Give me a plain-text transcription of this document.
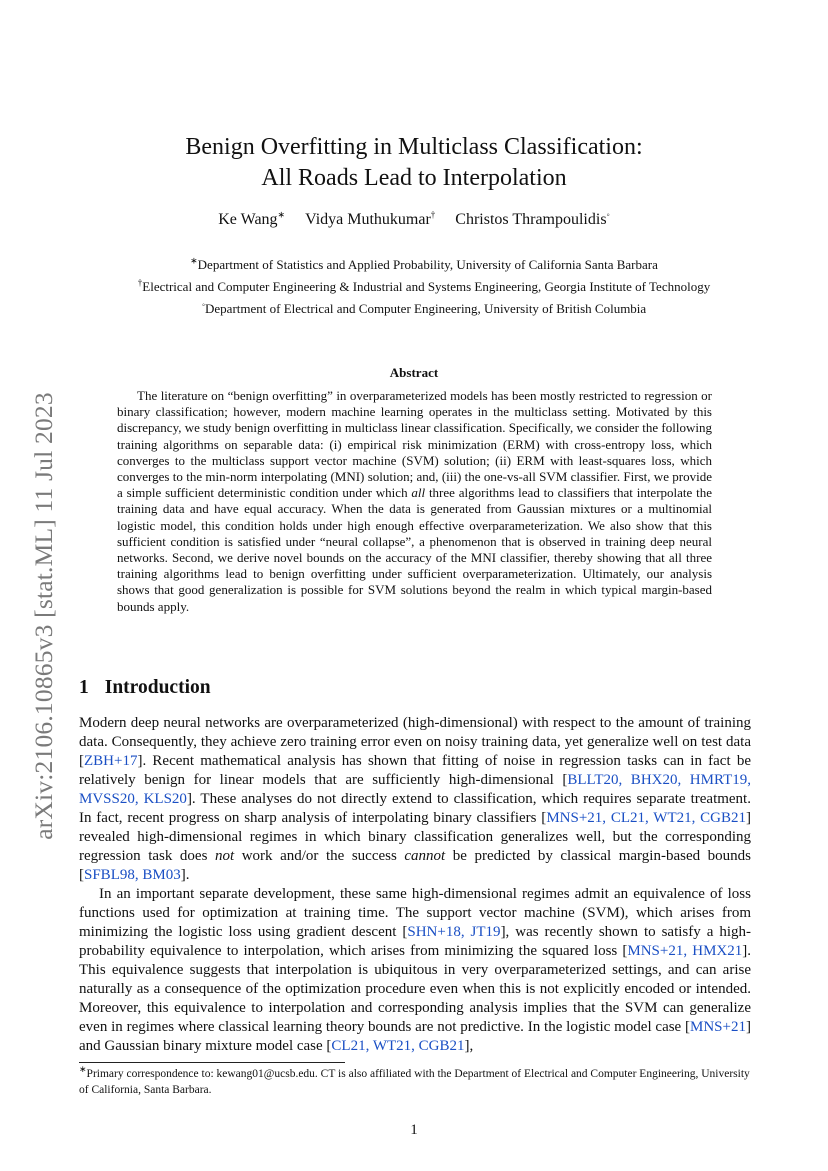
arXiv:2106.10865v3 [stat.ML] 11 Jul 2023
Benign Overfitting in Multiclass Classification:
All Roads Lead to Interpolation
Ke Wang∗ Vidya Muthukumar† Christos Thrampoulidis◦
∗Department of Statistics and Applied Probability, University of California Santa Barbara
†Electrical and Computer Engineering & Industrial and Systems Engineering, Georgia Institute of Technology
◦Department of Electrical and Computer Engineering, University of British Columbia
Abstract
The literature on “benign overfitting” in overparameterized models has been mostly restricted to regression or binary classification; however, modern machine learning operates in the multiclass setting. Motivated by this discrepancy, we study benign overfitting in multiclass linear classification. Specifically, we consider the following training algorithms on separable data: (i) empirical risk minimization (ERM) with cross-entropy loss, which converges to the multiclass support vector machine (SVM) solution; (ii) ERM with least-squares loss, which converges to the min-norm interpolating (MNI) solution; and, (iii) the one-vs-all SVM classifier. First, we provide a simple sufficient deterministic condition under which all three algorithms lead to classifiers that interpolate the training data and have equal accuracy. When the data is generated from Gaussian mixtures or a multinomial logistic model, this condition holds under high enough effective overparameterization. We also show that this sufficient condition is satisfied under “neural collapse”, a phenomenon that is observed in training deep neural networks. Second, we derive novel bounds on the accuracy of the MNI classifier, thereby showing that all three training algorithms lead to benign overfitting under sufficient overparameterization. Ultimately, our analysis shows that good generalization is possible for SVM solutions beyond the realm in which typical margin-based bounds apply.
1 Introduction
Modern deep neural networks are overparameterized (high-dimensional) with respect to the amount of training data. Consequently, they achieve zero training error even on noisy training data, yet generalize well on test data [ZBH+17]. Recent mathematical analysis has shown that fitting of noise in regression tasks can in fact be relatively benign for linear models that are sufficiently high-dimensional [BLLT20, BHX20, HMRT19, MVSS20, KLS20]. These analyses do not directly extend to classification, which requires separate treatment. In fact, recent progress on sharp analysis of interpolating binary classifiers [MNS+21, CL21, WT21, CGB21] revealed high-dimensional regimes in which binary classification generalizes well, but the corresponding regression task does not work and/or the success cannot be predicted by classical margin-based bounds [SFBL98, BM03].
In an important separate development, these same high-dimensional regimes admit an equivalence of loss functions used for optimization at training time. The support vector machine (SVM), which arises from minimizing the logistic loss using gradient descent [SHN+18, JT19], was recently shown to satisfy a high-probability equivalence to interpolation, which arises from minimizing the squared loss [MNS+21, HMX21]. This equivalence suggests that interpolation is ubiquitous in very overparameterized settings, and can arise naturally as a consequence of the optimization procedure even when this is not explicitly encoded or intended. Moreover, this equivalence to interpolation and corresponding analysis implies that the SVM can generalize even in regimes where classical learning theory bounds are not predictive. In the logistic model case [MNS+21] and Gaussian binary mixture model case [CL21, WT21, CGB21],
∗Primary correspondence to: kewang01@ucsb.edu. CT is also affiliated with the Department of Electrical and Computer Engineering, University of California, Santa Barbara.
1
